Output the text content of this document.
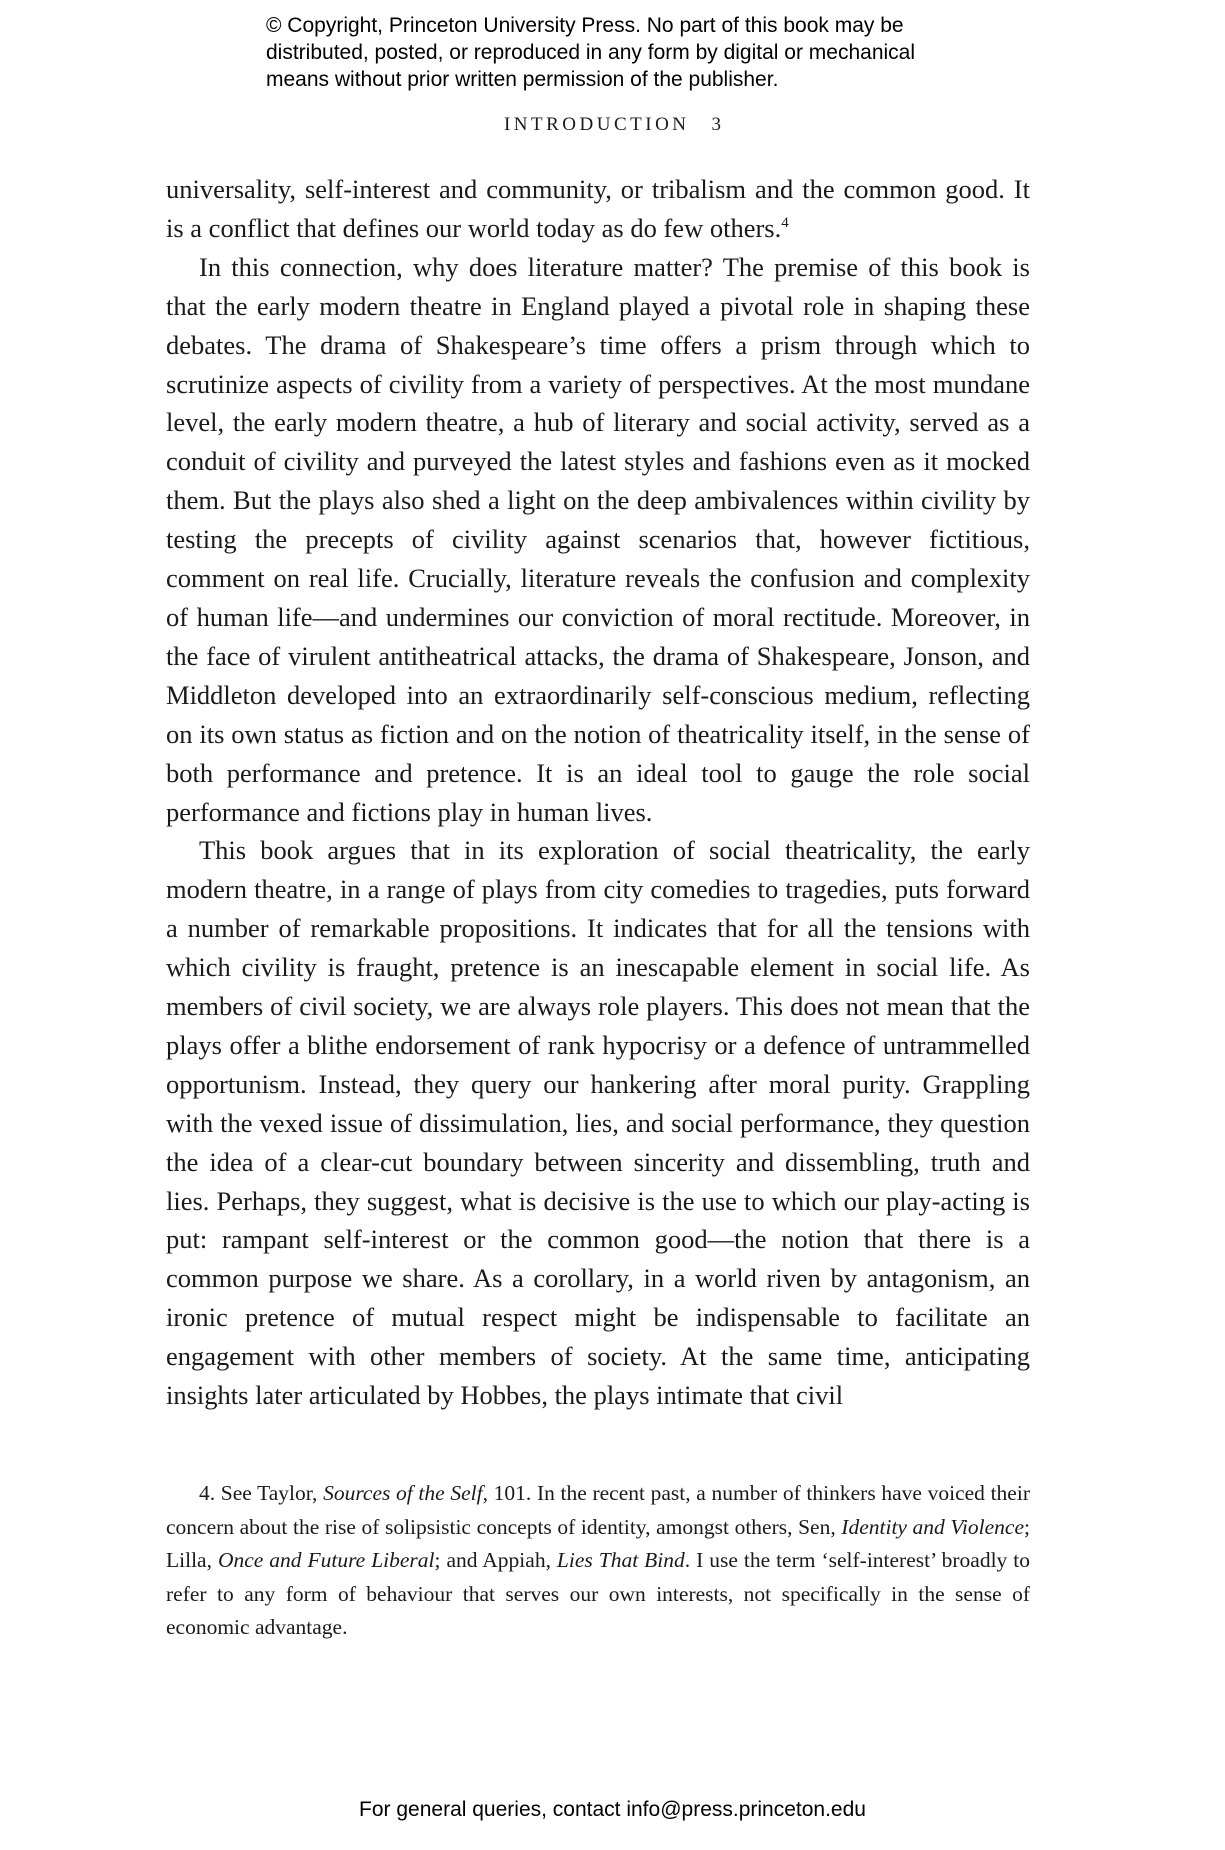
© Copyright, Princeton University Press. No part of this book may be
distributed, posted, or reproduced in any form by digital or mechanical
means without prior written permission of the publisher.
INTRODUCTION 3

universality, self-interest and community, or tribalism and the common good. It is a conflict that defines our world today as do few others.$^4$

In this connection, why does literature matter? The premise of this book is that the early modern theatre in England played a pivotal role in shaping these debates. The drama of Shakespeare’s time offers a prism through which to scrutinize aspects of civility from a variety of perspectives. At the most mundane level, the early modern theatre, a hub of literary and social activity, served as a conduit of civility and purveyed the latest styles and fashions even as it mocked them. But the plays also shed a light on the deep ambivalences within civility by testing the precepts of civility against scenarios that, however fictitious, comment on real life. Crucially, literature reveals the confusion and complexity of human life—and undermines our conviction of moral rectitude. Moreover, in the face of virulent antitheatrical attacks, the drama of Shakespeare, Jonson, and Middleton developed into an extraordinarily self-conscious medium, reflecting on its own status as fiction and on the notion of theatricality itself, in the sense of both performance and pretence. It is an ideal tool to gauge the role social performance and fictions play in human lives.

This book argues that in its exploration of social theatricality, the early modern theatre, in a range of plays from city comedies to tragedies, puts forward a number of remarkable propositions. It indicates that for all the tensions with which civility is fraught, pretence is an inescapable element in social life. As members of civil society, we are always role players. This does not mean that the plays offer a blithe endorsement of rank hypocrisy or a defence of untrammelled opportunism. Instead, they query our hankering after moral purity. Grappling with the vexed issue of dissimulation, lies, and social performance, they question the idea of a clear-cut boundary between sincerity and dissembling, truth and lies. Perhaps, they suggest, what is decisive is the use to which our play-acting is put: rampant self-interest or the common good—the notion that there is a common purpose we share. As a corollary, in a world riven by antagonism, an ironic pretence of mutual respect might be indispensable to facilitate an engagement with other members of society. At the same time, anticipating insights later articulated by Hobbes, the plays intimate that civil

4. See Taylor, Sources of the Self, 101. In the recent past, a number of thinkers have voiced their concern about the rise of solipsistic concepts of identity, amongst others, Sen, Identity and Violence; Lilla, Once and Future Liberal; and Appiah, Lies That Bind. I use the term ‘self-interest’ broadly to refer to any form of behaviour that serves our own interests, not specifically in the sense of economic advantage.
For general queries, contact info@press.princeton.edu
